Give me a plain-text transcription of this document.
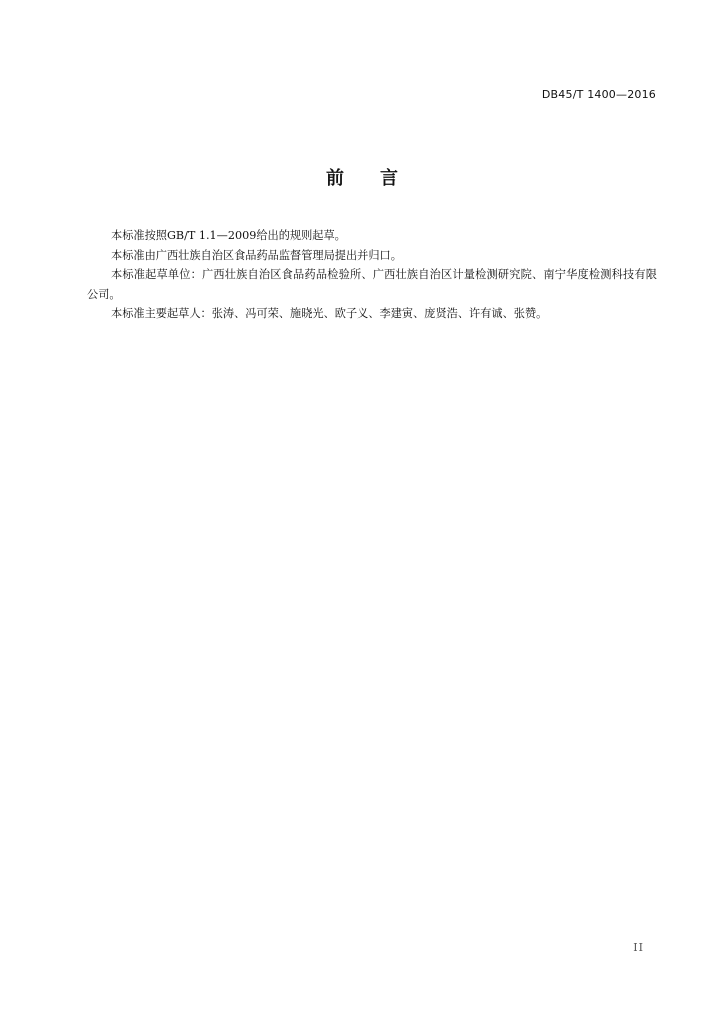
DB45/T 1400—2016
前　　言

本标准按照GB/T 1.1—2009给出的规则起草。

本标准由广西壮族自治区食品药品监督管理局提出并归口。

本标准起草单位：广西壮族自治区食品药品检验所、广西壮族自治区计量检测研究院、南宁华度检测科技有限公司。

本标准主要起草人：张涛、冯可荣、施晓光、欧子义、李建寅、庞贤浩、许有诚、张赞。

II
